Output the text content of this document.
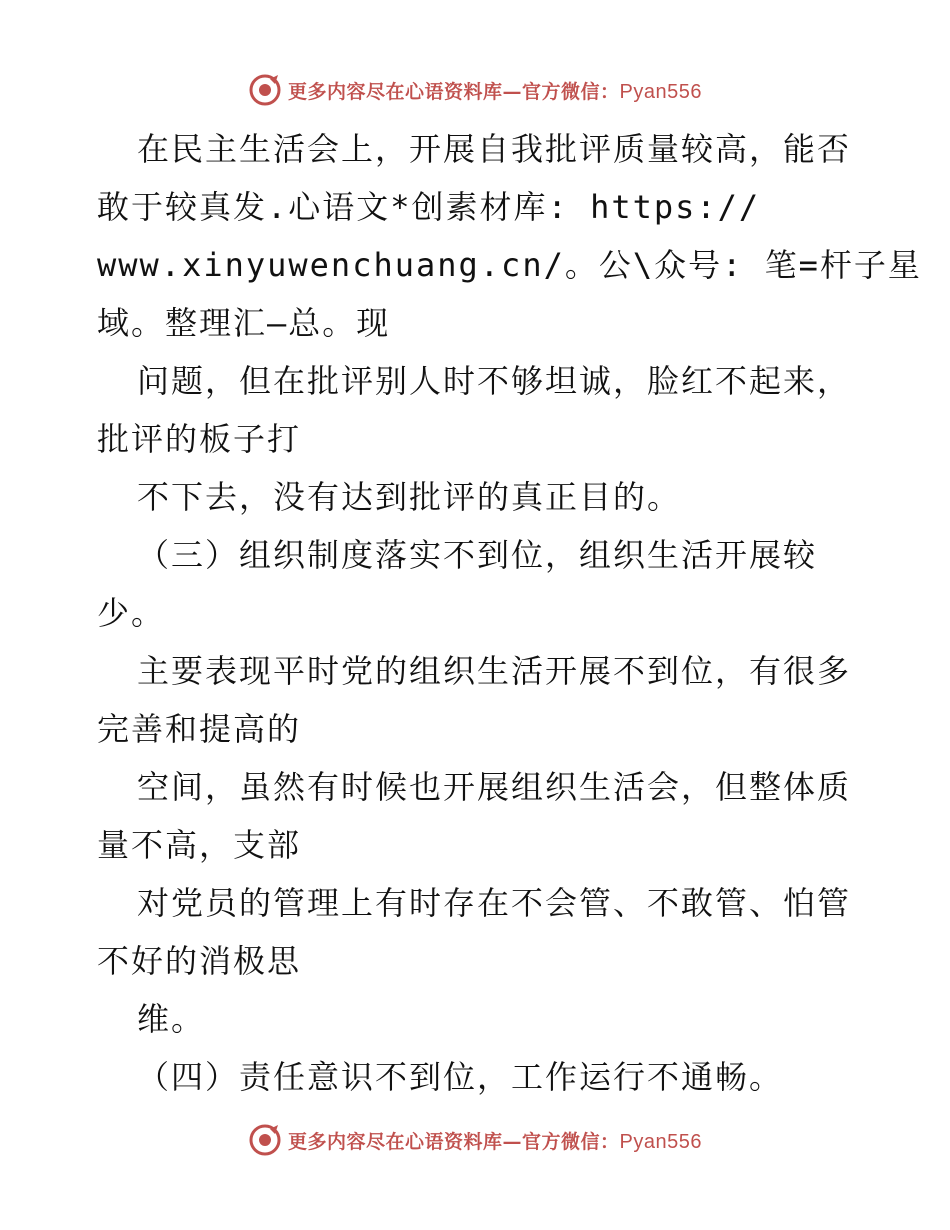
更多内容尽在心语资料库—官方微信：Pyan556
在民主生活会上，开展自我批评质量较高，能否
敢于较真发.心语文*创素材库: https://
www.xinyuwenchuang.cn/。公\众号: 笔=杆子星
域。整理汇—总。现
问题，但在批评别人时不够坦诚，脸红不起来，
批评的板子打
不下去，没有达到批评的真正目的。
（三）组织制度落实不到位，组织生活开展较
少。
主要表现平时党的组织生活开展不到位，有很多
完善和提高的
空间，虽然有时候也开展组织生活会，但整体质
量不高，支部
对党员的管理上有时存在不会管、不敢管、怕管
不好的消极思
维。
（四）责任意识不到位，工作运行不通畅。
更多内容尽在心语资料库—官方微信：Pyan556
